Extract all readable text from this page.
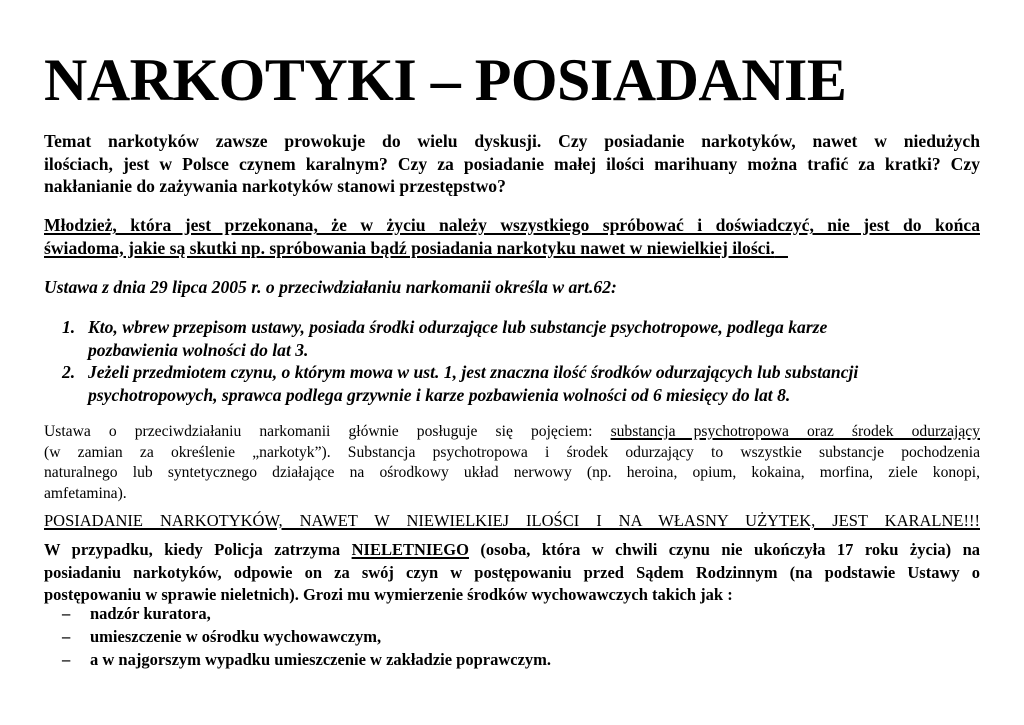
NARKOTYKI – POSIADANIE
Temat narkotyków zawsze prowokuje do wielu dyskusji. Czy posiadanie narkotyków, nawet w niedużych
ilościach, jest w Polsce czynem karalnym? Czy za posiadanie małej ilości marihuany można trafić za kratki? Czy
nakłanianie do zażywania narkotyków stanowi przestępstwo?
Młodzież, która jest przekonana, że w życiu należy wszystkiego spróbować i doświadczyć, nie jest do końca
świadoma, jakie są skutki np. spróbowania bądź posiadania narkotyku nawet w niewielkiej ilości.
Ustawa z dnia 29 lipca 2005 r. o przeciwdziałaniu narkomanii określa w art.62:
1. Kto, wbrew przepisom ustawy, posiada środki odurzające lub substancje psychotropowe, podlega karze
pozbawienia wolności do lat 3.
2. Jeżeli przedmiotem czynu, o którym mowa w ust. 1, jest znaczna ilość środków odurzających lub substancji
psychotropowych, sprawca podlega grzywnie i karze pozbawienia wolności od 6 miesięcy do lat 8.
Ustawa o przeciwdziałaniu narkomanii głównie posługuje się pojęciem: substancja psychotropowa oraz środek odurzający
(w zamian za określenie „narkotyk”). Substancja psychotropowa i środek odurzający to wszystkie substancje pochodzenia
naturalnego lub syntetycznego działające na ośrodkowy układ nerwowy (np. heroina, opium, kokaina, morfina, ziele konopi,
amfetamina).
POSIADANIE NARKOTYKÓW, NAWET W NIEWIELKIEJ ILOŚCI I NA WŁASNY UŻYTEK, JEST KARALNE!!!
W przypadku, kiedy Policja zatrzyma NIELETNIEGO (osoba, która w chwili czynu nie ukończyła 17 roku życia) na
posiadaniu narkotyków, odpowie on za swój czyn w postępowaniu przed Sądem Rodzinnym (na podstawie Ustawy o
postępowaniu w sprawie nieletnich). Grozi mu wymierzenie środków wychowawczych takich jak :
– nadzór kuratora,
– umieszczenie w ośrodku wychowawczym,
– a w najgorszym wypadku umieszczenie w zakładzie poprawczym.
